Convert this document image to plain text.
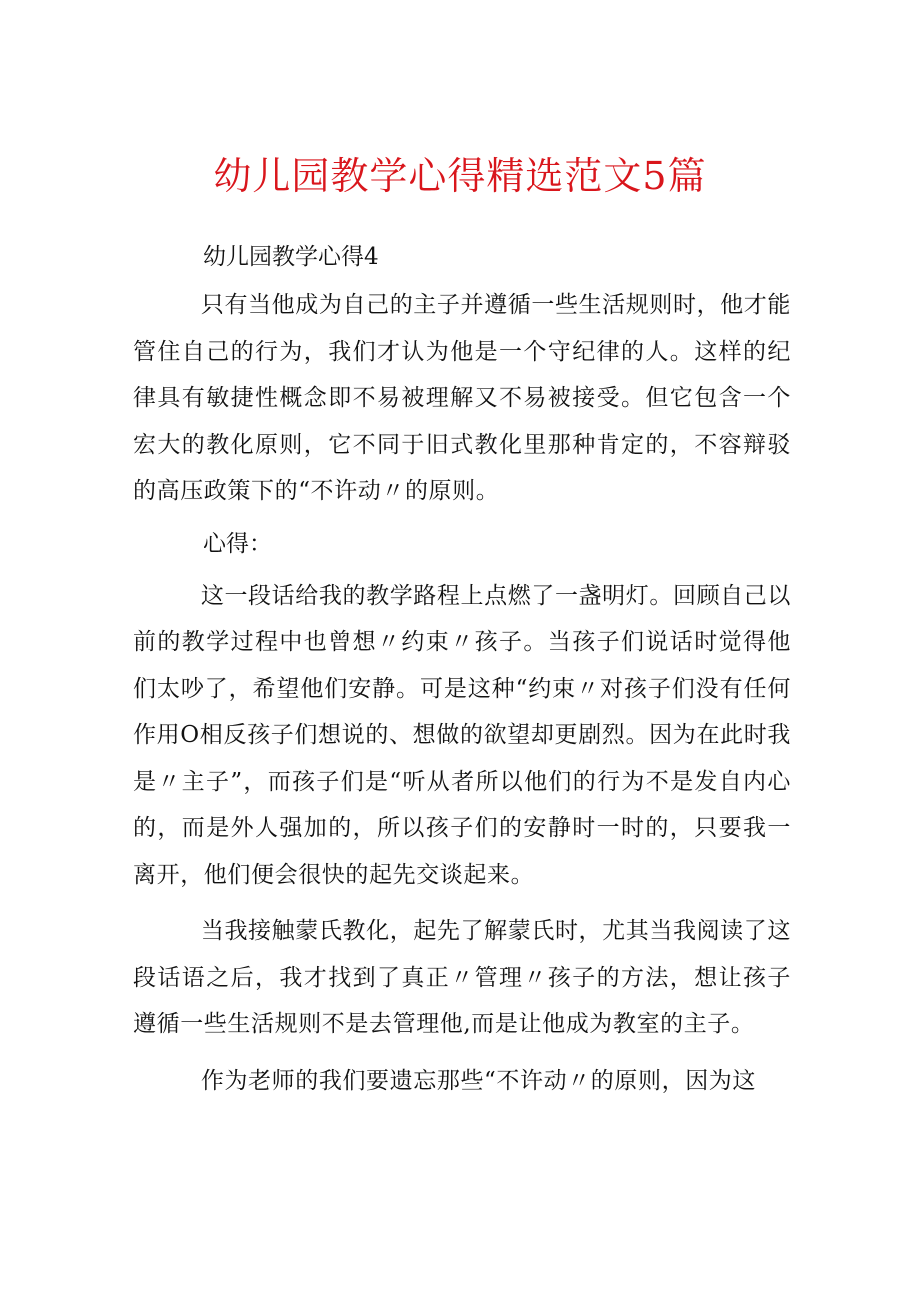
幼儿园教学心得精选范文5篇

幼儿园教学心得4

只有当他成为自己的主子并遵循一些生活规则时，他才能管住自己的行为，我们才认为他是一个守纪律的人。这样的纪律具有敏捷性概念即不易被理解又不易被接受。但它包含一个宏大的教化原则，它不同于旧式教化里那种肯定的，不容辩驳的高压政策下的“不许动〃的原则。

心得：

这一段话给我的教学路程上点燃了一盏明灯。回顾自己以前的教学过程中也曾想〃约束〃孩子。当孩子们说话时觉得他们太吵了，希望他们安静。可是这种“约束〃对孩子们没有任何作用O相反孩子们想说的、想做的欲望却更剧烈。因为在此时我是〃主子”，而孩子们是“听从者所以他们的行为不是发自内心的，而是外人强加的，所以孩子们的安静时一时的，只要我一离开，他们便会很快的起先交谈起来。

当我接触蒙氏教化，起先了解蒙氏时，尤其当我阅读了这段话语之后，我才找到了真正〃管理〃孩子的方法，想让孩子遵循一些生活规则不是去管理他,而是让他成为教室的主子。

作为老师的我们要遗忘那些“不许动〃的原则，因为这
